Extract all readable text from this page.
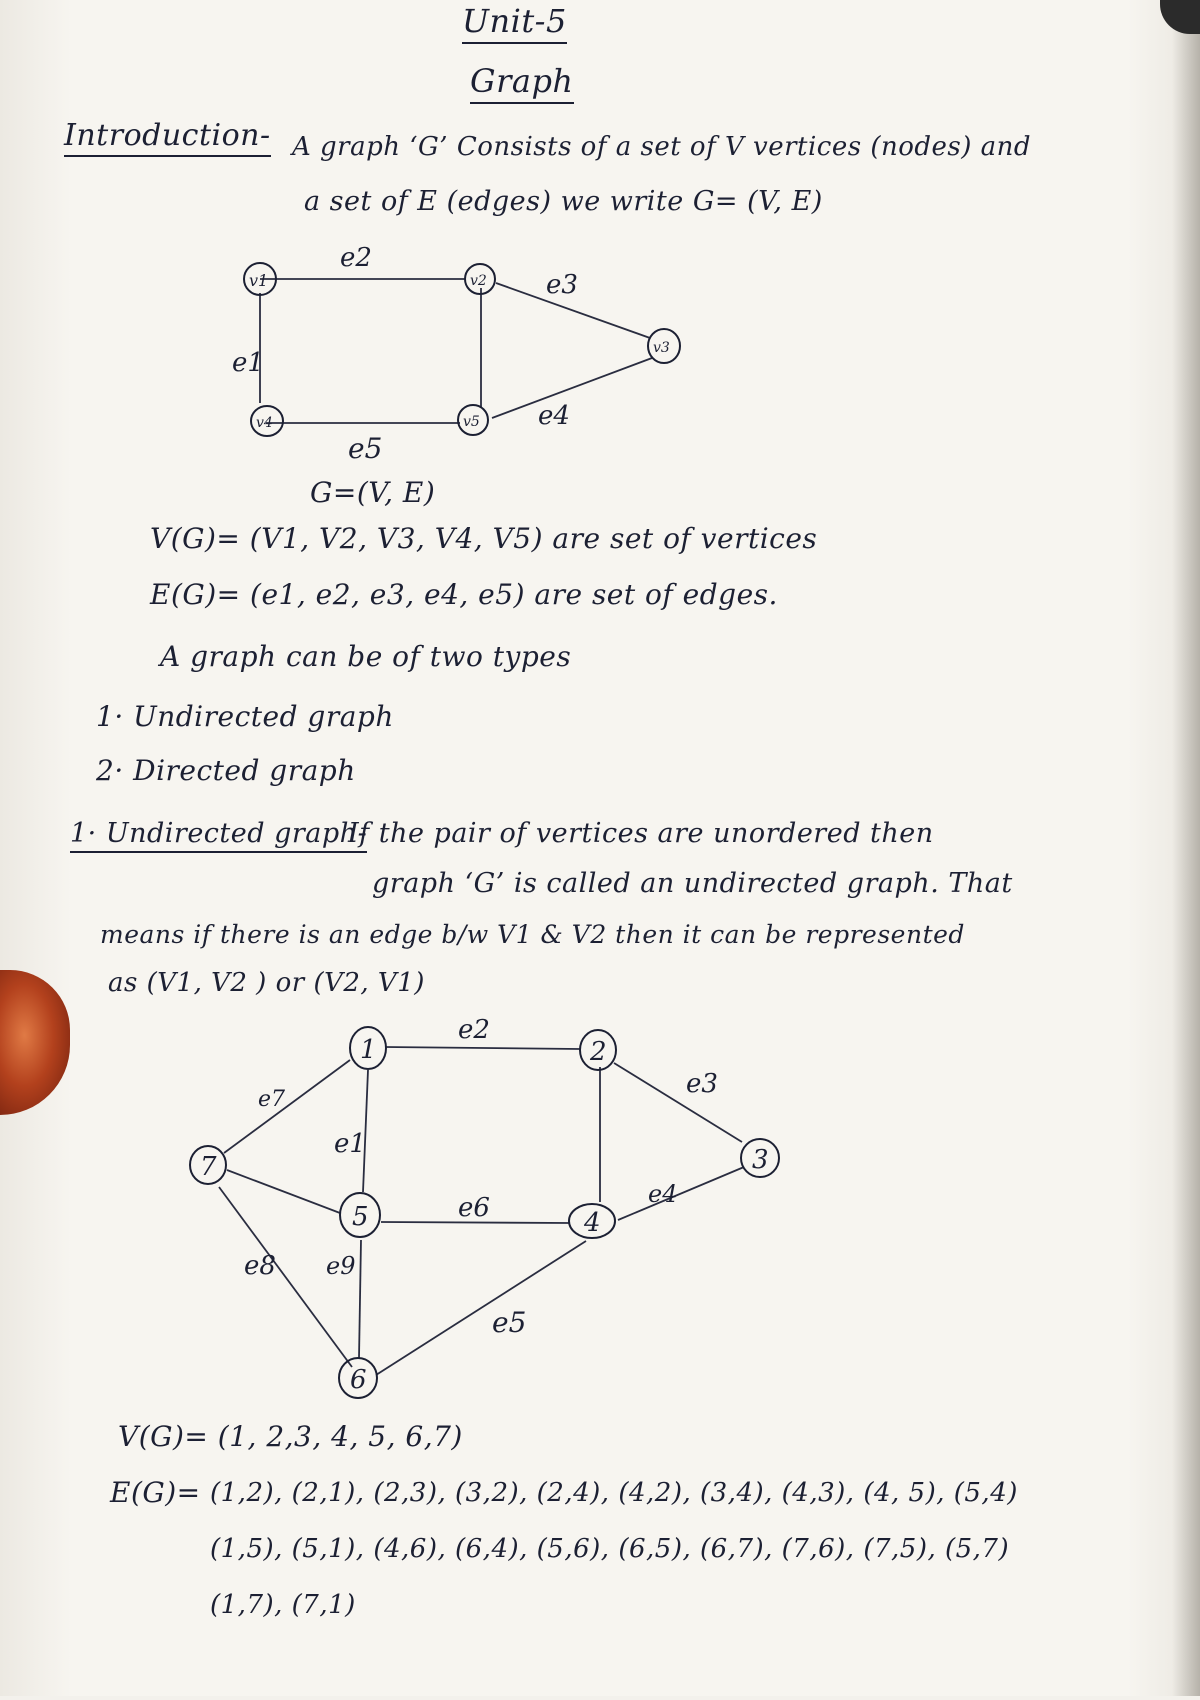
Unit-5
Graph
Introduction- A graph ‘G’ Consists of a set of V vertices (nodes) and
a set of E (edges) we write G= (V, E)
v1	v2
v3
v4	v5
e2
e3
e1
e4
e5
G=(V, E)
V(G)= (V1, V2, V3, V4, V5) are set of vertices
E(G)= (e1, e2, e3, e4, e5) are set of edges.
A graph can be of two types
1· Undirected graph
2· Directed graph
1· Undirected graph-
If the pair of vertices are unordered then
graph ‘G’ is called an undirected graph. That
means if there is an edge b/w V1 & V2 then it can be represented
as (V1, V2 ) or (V2, V1)
1	2
3
4
5
6
7
e2
e3
e7
e1
e6	e4
e8 e9
e5
V(G)= (1, 2,3, 4, 5, 6,7)
E(G)= (1,2), (2,1), (2,3), (3,2), (2,4), (4,2), (3,4), (4,3), (4, 5), (5,4)
(1,5), (5,1), (4,6), (6,4), (5,6), (6,5), (6,7), (7,6), (7,5), (5,7)
(1,7), (7,1)
